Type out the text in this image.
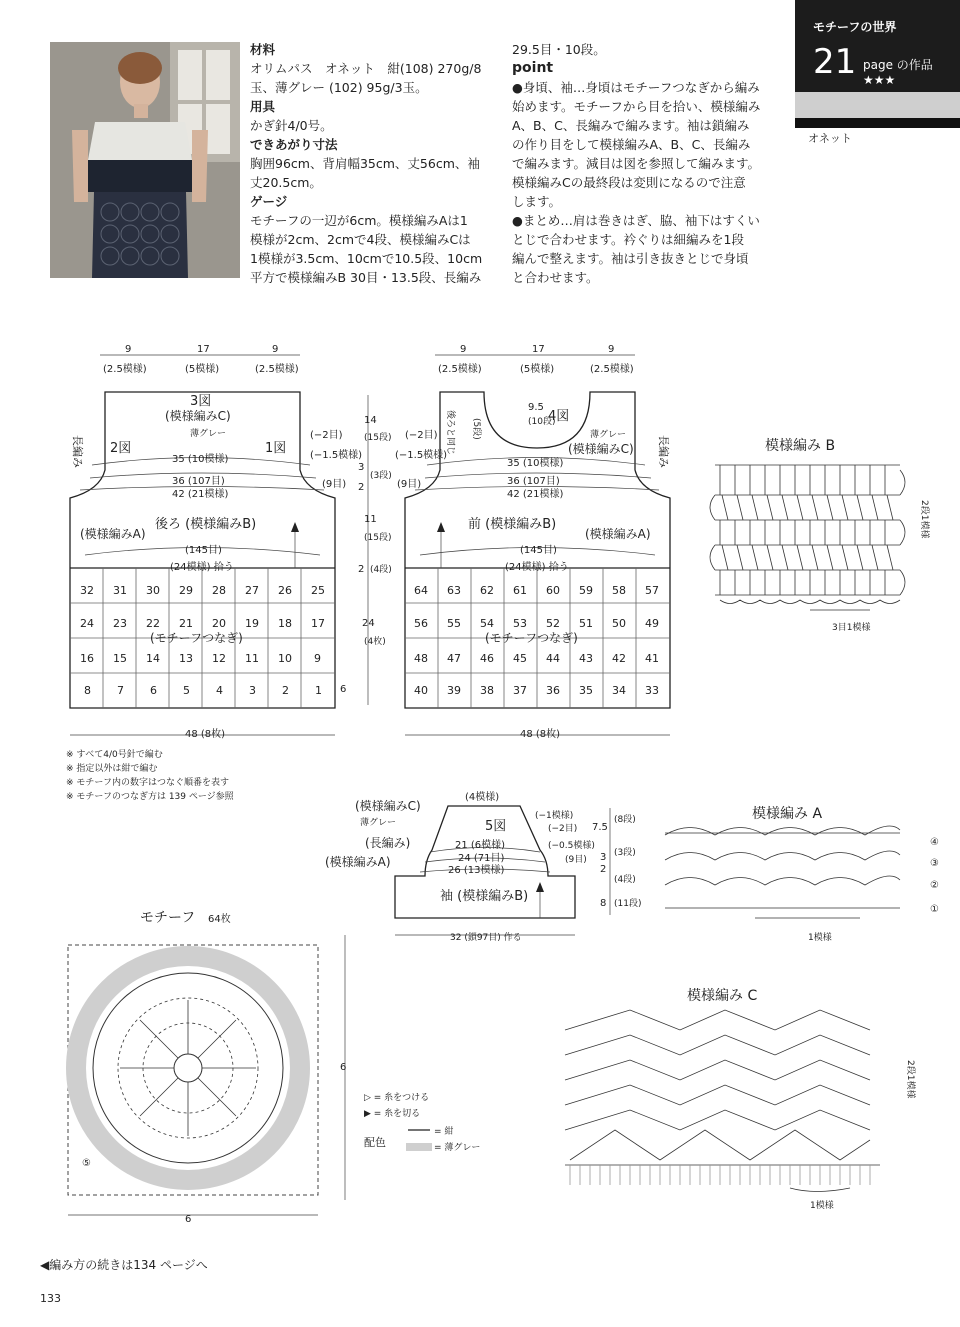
モチーフの世界
21 page の作品 ★★★
オネット
材料
オリムパス　オネット　紺(108) 270g/8
玉、薄グレー (102) 95g/3玉。
用具
かぎ針4/0号。
できあがり寸法
胸囲96cm、背肩幅35cm、丈56cm、袖
丈20.5cm。
ゲージ
モチーフの一辺が6cm。模様編みAは1
模様が2cm、2cmで4段、模様編みCは
1模様が3.5cm、10cmで10.5段、10cm
平方で模様編みB 30目・13.5段、長編み
29.5目・10段。
point
●身頃、袖…身頃はモチーフつなぎから編み
始めます。モチーフから目を拾い、模様編み
A、B、C、長編みで編みます。袖は鎖編み
の作り目をして模様編みA、B、C、長編み
で編みます。減目は図を参照して編みます。
模様編みCの最終段は変則になるので注意
します。
●まとめ…肩は巻きはぎ、脇、袖下はすくい
とじで合わせます。衿ぐりは細編みを1段
編んで整えます。袖は引き抜きとじで身頃
と合わせます。
9	17	9
(2.5模様)	(5模様)	(2.5模様)
3図
(模様編みC)
薄グレー
2図	1図
35 (10模様)
36 (107目)
42 (21模様)
(−2目)
(−1.5模様)
(9目)
後ろ (模様編みB)
(模様編みA)
(145目)
(24模様) 拾う
(モチーフつなぎ)
48 (8枚)
6
32 31 30 29 28 27 26 25
24 23 22 21 20 19 18 17
16 15 14 13 12 11 10 9
8 7 6 5 4 3 2 1
9	17	9
(2.5模様)	(5模様)	(2.5模様)
9.5
(10段)
4図
薄グレー
(模様編みC)
35 (10模様)
36 (107目)
42 (21模様)
(−2目)
(−1.5模様)
(9目)
前 (模様編みB)
(模様編みA)
(145目)
(24模様) 拾う
(モチーフつなぎ)
48 (8枚)
後ろと同じ (5段)
長編み
長編み
64 63 62 61 60 59 58 57
56 55 54 53 52 51 50 49
48 47 46 45 44 43 42 41
40 39 38 37 36 35 34 33
14
(15段)
3
(3段)
2
11
(15段)
2 (4段)
24
(4枚)
(4模様)
(模様編みC)
薄グレー
(長編み)
(模様編みA)
5図
21 (6模様)
24 (71目)
26 (13模様)
(−1模様)
(−2目)
(−0.5模様)
(9目)
袖 (模様編みB)
32 (鎖97目) 作る
7.5
(8段)
3 (3段)
2
(4段)
8 (11段)
模様編み B
3目1模様
2段1模様
模様編み A
1模様
④
③
②
①
模様編み C
1模様
2段1模様
モチーフ 64枚
6
6
⑤
▷ = 糸をつける
▶ = 糸を切る
配色
= 紺
= 薄グレー
※ すべて4/0号針で編む
※ 指定以外は紺で編む
※ モチーフ内の数字はつなぐ順番を表す
※ モチーフのつなぎ方は 139 ページ参照
◀編み方の続きは134 ページへ
133
